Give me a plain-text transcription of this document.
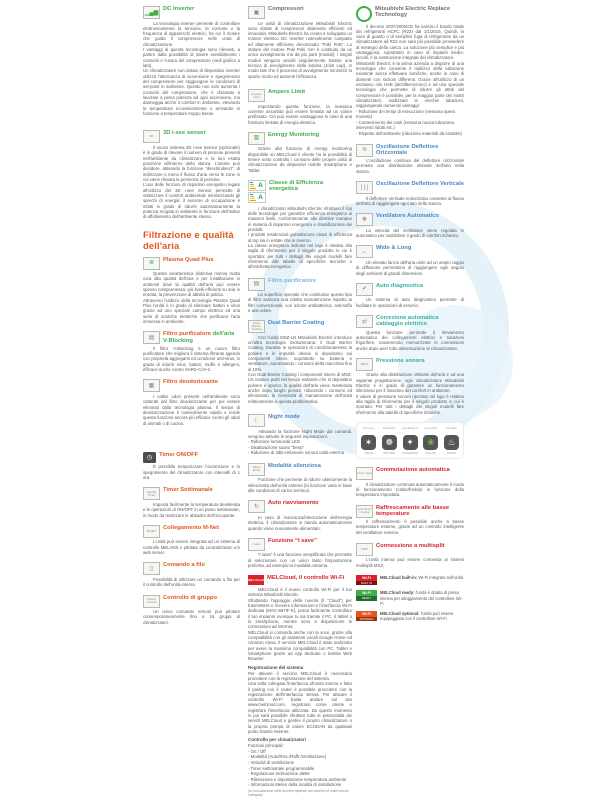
▁▄▆
DC Inverter

La tecnologia inverter permette di controllare elettronicamente la tensione, la corrente e la frequenza di apparecchi elettrici, fra cui il motore che guida il compressore nelle unità di climatizzazione.

I vantaggi di questa tecnologia sono rilevanti, a partire dalla possibilità di ridurre sensibilmente i consumi e l'usura del compressore (vedi grafico a lato).

Un climatizzatore non dotato di dispositivo inverter utilizza l'alternanza di accensione e spegnimento del compressore per raggiungere le condizioni di set-point in ambiente. Questo non solo aumenta i consumi del compressore, che è chiamato a lavorare a piena potenza ad ogni accensione, ma danneggia anche il comfort in ambiente, elevando la temperatura eccessivamente o arrivando in funzione a temperature troppo basse.

3D	3D i-see sensor

Il nuovo sistema 3D i-see Sensor (opzionale) è in grado di rilevare il numero di persone presenti nell'ambiente da climatizzare e la loro esatta posizione all'interno della stanza. L'utente può decidere, attivando la funzione “direct/indirect”, di indirizzare o meno il flusso d'aria verso le zone in cui viene rilevata la presenza di persone.

L'uso delle funzioni di risparmio energetico legate all'utilizzo del 3D i-see Sensor permette di ottimizzare il comfort ambientale minimizzando gli sprechi di energia: il sensore di occupazione è infatti in grado di ridurre automaticamente la potenza erogata in ambiente in funzione dell'indice di affollamento dell'ambiente stesso.

Filtrazione e qualità dell'aria
≣
Plasma Quad Plus

Questa caratteristica distintiva riserva molta cura alla qualità dell'aria e per installazione in ambienti dove la qualità dell'aria può essere spesso compromessa: più livelli efficienti su aria in entrata, la prevenzione di attività di pulizia.

Attraverso l'utilizzo della tecnologia Plasma Quad Plus l'unità è in grado di eliminare batteri e virus grazie ad uno speciale campo elettrico ed una serie di scariche elettriche che purificano l'aria immessa in ambiente.

▤
Filtro purificatore dell'aria V-Blocking

Il filtro V-Blocking è un nuovo filtro purificatore che migliora il sistema filtrante agendo con proprietà aggreganti ed un'azione anti-virus, in grado di ridurre virus, batteri, muffe e allergeni, efficace anche contro SARS-CoV-2.

▦
Filtro deodorizzante

I cattivi odori presenti nell'ambiente sono catturati dal filtro deodorizzante per poi essere eliminati dalla tecnologia plasma. Il tempo di deodorizzazione è notevolmente rapido e rende questa funzione ancora più efficace contro gli odori di animali o di cucina.

◷	Timer ON/OFF

È possibile temporizzare l'accensione e lo spegnimento del climatizzatore con intervalli di 1 ora.

Weekly Timer
Timer Settimanale

Imposta facilmente la temperatura desiderata e le operazioni di ON/OFF in un piano settimanale, in modo da realizzare le abitudini dell'occupante.

M-NET	Collegamento M-Net

L'unità può essere integrata ad un sistema di controllo MELANS e pilotata da centralizzatori e/o web server.

▯
Comando a filo

Possibilità di utilizzare un comando a filo per il controllo dell'unità interna.

Group Control
Controllo di gruppo

Un unico comando remoto può pilotare contemporaneamente fino a 16 gruppi di climatizzatori.

▣
Compressori

Le unità di climatizzazione Mitsubishi Electric sono dotate di compressori altamente efficienti ed innovativi. Mitsubishi Electric ha creato e sviluppato un motore elettrico DC Inverter notevolmente compatto ed altamente efficiente denominato “Poki Poki”. Lo statore del motore Poki Poki non è costituito da un unico avvolgimento ma da più parti (moduli); i singoli moduli vengono avvolti singolarmente tramite una tecnica di avvolgimento della bobina (Joint Lap), in modo tale che il processo di avvolgimento minimizzi lo spazio morto ed aumenti l'efficienza.

Ampere Limit
Ampere Limit

Impostando questa funzione, la massima corrente assorbita può essere limitata ad un valore prefissato. Ciò può essere vantaggioso in caso di una fornitura limitata di energia elettrica.

▥
Energy Monitoring

Grazie alla funzione di energy monitoring disponibile su MELCloud il cliente ha la possibilità di tenere sotto controllo i consumi delle proprie unità di climatizzazione da dispositivi mobile Smartphone e Tablet.

A
A
Classe di Efficienza energetica

I climatizzatori Mitsubishi Electric sfruttano il top delle tecnologie per garantire efficienza energetica ai massimi livelli, conformemente alle direttive europee in materia di risparmio energetico e classificazione dei prodotti.

I prodotti residenziali garantiscono classi di efficienza al top sia in estate che in inverno.

La classe energetica indicata nel logo è relativa alla taglia di riferimento per il singolo prodotto in cui è riportata; per tutti i dettagli dei singoli modelli fare riferimento alle tabelle di specifiche tecniche o all'etichetta energetica.

▤
Filtro purificatore

La superficie speciale che costituisce questo tipo di filtro assicura una ridotta manutenzione rispetto ai filtri convenzionali, con azione antibatterica, antimuffa e anti-odore.

Dual Barrier Coating
Dual Barrier Coating

Con l'unità MSZ-LN Mitsubishi Electric introduce un'altra tecnologia rivoluzionaria: il Dual Barrier Coating. Durante le operazioni di condizionamento la polvere e le impurità oleose si depositano sui componenti interni, soprattutto su batteria e ventilatore, aumentando i consumi della macchina fino al 10%.

Con Dual Barrier Coating i componenti interni di MSZ-LN restano puliti nel tempo evitando che si depositino polvere e sporco; la qualità dell'aria viene mantenuta anche dopo lunghi periodi, riducendo i consumi ed eliminando la necessità di manutenzione dell'unità relativamente a questa problematica.

☾
Night mode

Attivando la funzione Night Mode dai comandi, vengono attivate le seguenti impostazioni:

- Riduzione luminosità LED

- Disattivazione suono “beep”

- Riduzione di 3dB emissione sonora unità esterna

Silent Mode
Modalità silenziosa

Funzione che permette di ridurre ulteriormente la silenziosità dell'unità esterna (la funzione varia in base alle condizioni di carico termico).

↻
Auto riavviamento

In caso di mancanza/interruzione dell'energia elettrica, il climatizzatore si riavvia automaticamente quando viene nuovamente alimentato.

i save	Funzione “I save”

“I save” è una funzione semplificata che permette di selezionare con un unico tasto l'impostazione preferita, ad esempio la modalità notturna.

MEL Cloud MELCloud, il controllo Wi-Fi

MELCloud è il nuovo controllo Wi-Fi per il tuo sistema Mitsubishi Electric.

Sfruttando l'appoggio della nuvola (il “Cloud”) per trasmettere e ricevere informazioni e l'interfaccia Wi-Fi dedicata (MAC-587IF-E), potrai facilmente controllare il tuo impianto ovunque tu sia tramite il PC, il tablet o lo smartphone, mentre sono a disposizione le connessioni ad internet.

MELCloud si comanda anche con la voce, grazie alla compatibilità con gli assistenti vocali Google Home ed Amazon Alexa. Il servizio MELCloud è stato realizzato per avere la massima compatibilità con PC, Tablet e Smartphone grazie ad App dedicate o tramite Web Browser.

Registrazione del sistema

Per attivare il servizio MELCloud è necessario procedere con la registrazione del sistema.

Una volta collegata l'interfaccia all'unità interna e fatto il pairing con il router è possibile procedere con la registrazione dell'interfaccia stessa. Per attivare il controllo Wi-Fi basta andare sul sito www.melcloud.com, registrarsi come utente e registrare l'interfaccia utilizzata. Da questo momento in poi sarà possibile sfruttare tutte le potenzialità dei servizi MELCloud e gestire il proprio climatizzatore o la propria pompa di calore ECODAN da qualsiasi posto tramite internet.

Controllo per climatizzatori

Funzioni principali:

- On / Off

- Modalità (Auto/Risc./Raffr./Ventilazione)

- Velocità di ventilazione

- Timer settimanale programmabile

- Regolazione inclinazione alette

- Rilevazione e impostazione temperatura ambiente

- Informazioni Meteo della località di installazione

(la consultazione delle funzioni dipende dal modello di unità interna collegata)
Mitsubishi Electric Replace Technology

Il decreto 2037/2000/CE ha sancito il bando totale dei refrigeranti HCFC (R22) dal 1/1/2015. Quindi, in caso di guasto o di semplice fuga di refrigerante da un climatizzatore ad R22 non sarà più possibile provvedere al reintegro della carica. La soluzione più semplice e più vantaggiosa, soprattutto in caso di impianti medio-piccoli, è la sostituzione integrale del climatizzatore.

Mitsubishi Electric è la prima azienda a disporre di una tecnologia che consente il riutilizzo della tubazione esistente senza effettuare bonifiche, anche in caso di diametri con sezioni differenti. Grazie all'utilizzo di un esclusivo olio HAB (alchilbenzenico) e ad una speciale tecnologia che permette di ridurre gli attriti del compressore è possibile, per la maggior parte dei nostri climatizzatori, riutilizzare le vecchie tubazioni, raggiungendo numerosi vantaggi:

- Riduzione dei tempi di esecuzione (nessuna opera muraria)

- Contenimento dei costi (nessuna nuova tubazione, interventi ridotti etc.)

- Rispetto dell'ambiente (riduzione materiali da smaltire)

≋
Oscillazione Deflettore Orizzontale

L'oscillazione continua del deflettore orizzontale permette una distribuzione ottimale dell'aria nella stanza.

∣∣∣
Oscillazione Deflettore Verticale

Il deflettore verticale motorizzato consente al flusso dell'aria di raggiungere ogni lato della stanza.

❋
Ventilatore Automatico

La velocità del ventilatore viene regolata in automatico per soddisfare il grado di comfort richiesto.

↔
Wide & Long

Un elevato lancio dell'aria unito ad un ampio raggio di diffusione permettono di raggiungere ogni angolo degli ambienti di grandi dimensioni.

✔
Auto diagnostica

Un sistema di auto diagnostica permette di facilitare le operazioni di servizio.

⇄
Correzione automatica cablaggio elettrico

Questa funzione permette il rilevamento automatico dei collegamenti elettrici e tubazioni frigorifere, mantenendo memorizzate le connessioni anche dopo aver tolto alimentazione al climatizzatore.

dB(A)	Pressione sonora

Grazie alla distribuzione ottimale dell'aria e ad una sapiente progettazione, ogni climatizzatore Mitsubishi Electric è in grado di garantire un funzionamento silenzioso per il massimo del comfort in ambiente.

Il valore di pressione sonora riportato nel logo è relativo alla taglia di riferimento per il singolo prodotto in cui è riportato. Per tutti i dettagli dei singoli modelli fare riferimento alla tabella di specifiche tecniche.

anti virus
✶
VIRUS
anti batteri
❁
BATTERI
anti allergeni
✦
ALLERGENI
anti pollini
❀
POLLINI
anti odori
♨
ODORI
Cool / Heat Commutazione automatica

Il climatizzatore commuta automaticamente il modo di funzionamento (caldo/freddo) in funzione della temperatura impostata.

Low Temp Cooling
Raffrescamento alle basse temperature

Il raffrescamento è possibile anche a basse temperature esterne, grazie ad un controllo intelligente del ventilatore esterno.

MXZ	Connessione a multisplit

L'unità interna può essere connessa ai sistemi multisplit MXZ.

Wi-Fi
BUILT IN
MELCloud built-in: Wi-Fi integrato nell'unità
Wi-Fi
READY
MELCloud ready: l'unità è dotata di presa interna per alloggiamento del controllore Wi-Fi
Wi-Fi
OPTIONAL
MELCloud optional: l'unità può essere equipaggiata con il controllore Wi-Fi
